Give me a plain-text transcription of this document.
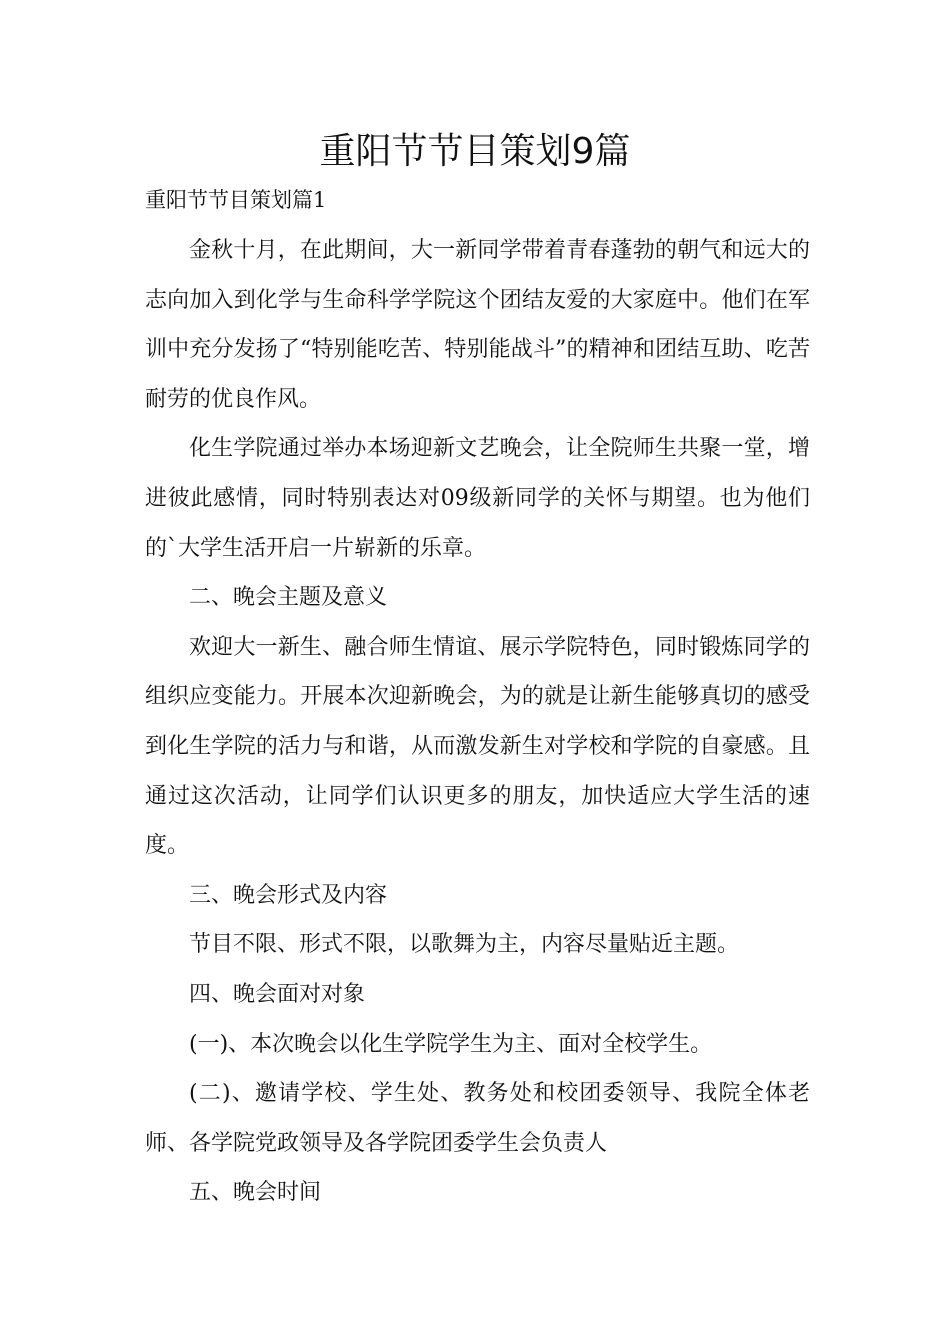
重阳节节目策划9篇
重阳节节目策划篇1

金秋十月，在此期间，大一新同学带着青春蓬勃的朝气和远大的志向加入到化学与生命科学学院这个团结友爱的大家庭中。他们在军训中充分发扬了“特别能吃苦、特别能战斗”的精神和团结互助、吃苦耐劳的优良作风。

化生学院通过举办本场迎新文艺晚会，让全院师生共聚一堂，增进彼此感情，同时特别表达对09级新同学的关怀与期望。也为他们的`大学生活开启一片崭新的乐章。

二、晚会主题及意义

欢迎大一新生、融合师生情谊、展示学院特色，同时锻炼同学的组织应变能力。开展本次迎新晚会，为的就是让新生能够真切的感受到化生学院的活力与和谐，从而激发新生对学校和学院的自豪感。且通过这次活动，让同学们认识更多的朋友，加快适应大学生活的速度。

三、晚会形式及内容

节目不限、形式不限，以歌舞为主，内容尽量贴近主题。

四、晚会面对对象

(一)、本次晚会以化生学院学生为主、面对全校学生。

(二)、邀请学校、学生处、教务处和校团委领导、我院全体老师、各学院党政领导及各学院团委学生会负责人

五、晚会时间
